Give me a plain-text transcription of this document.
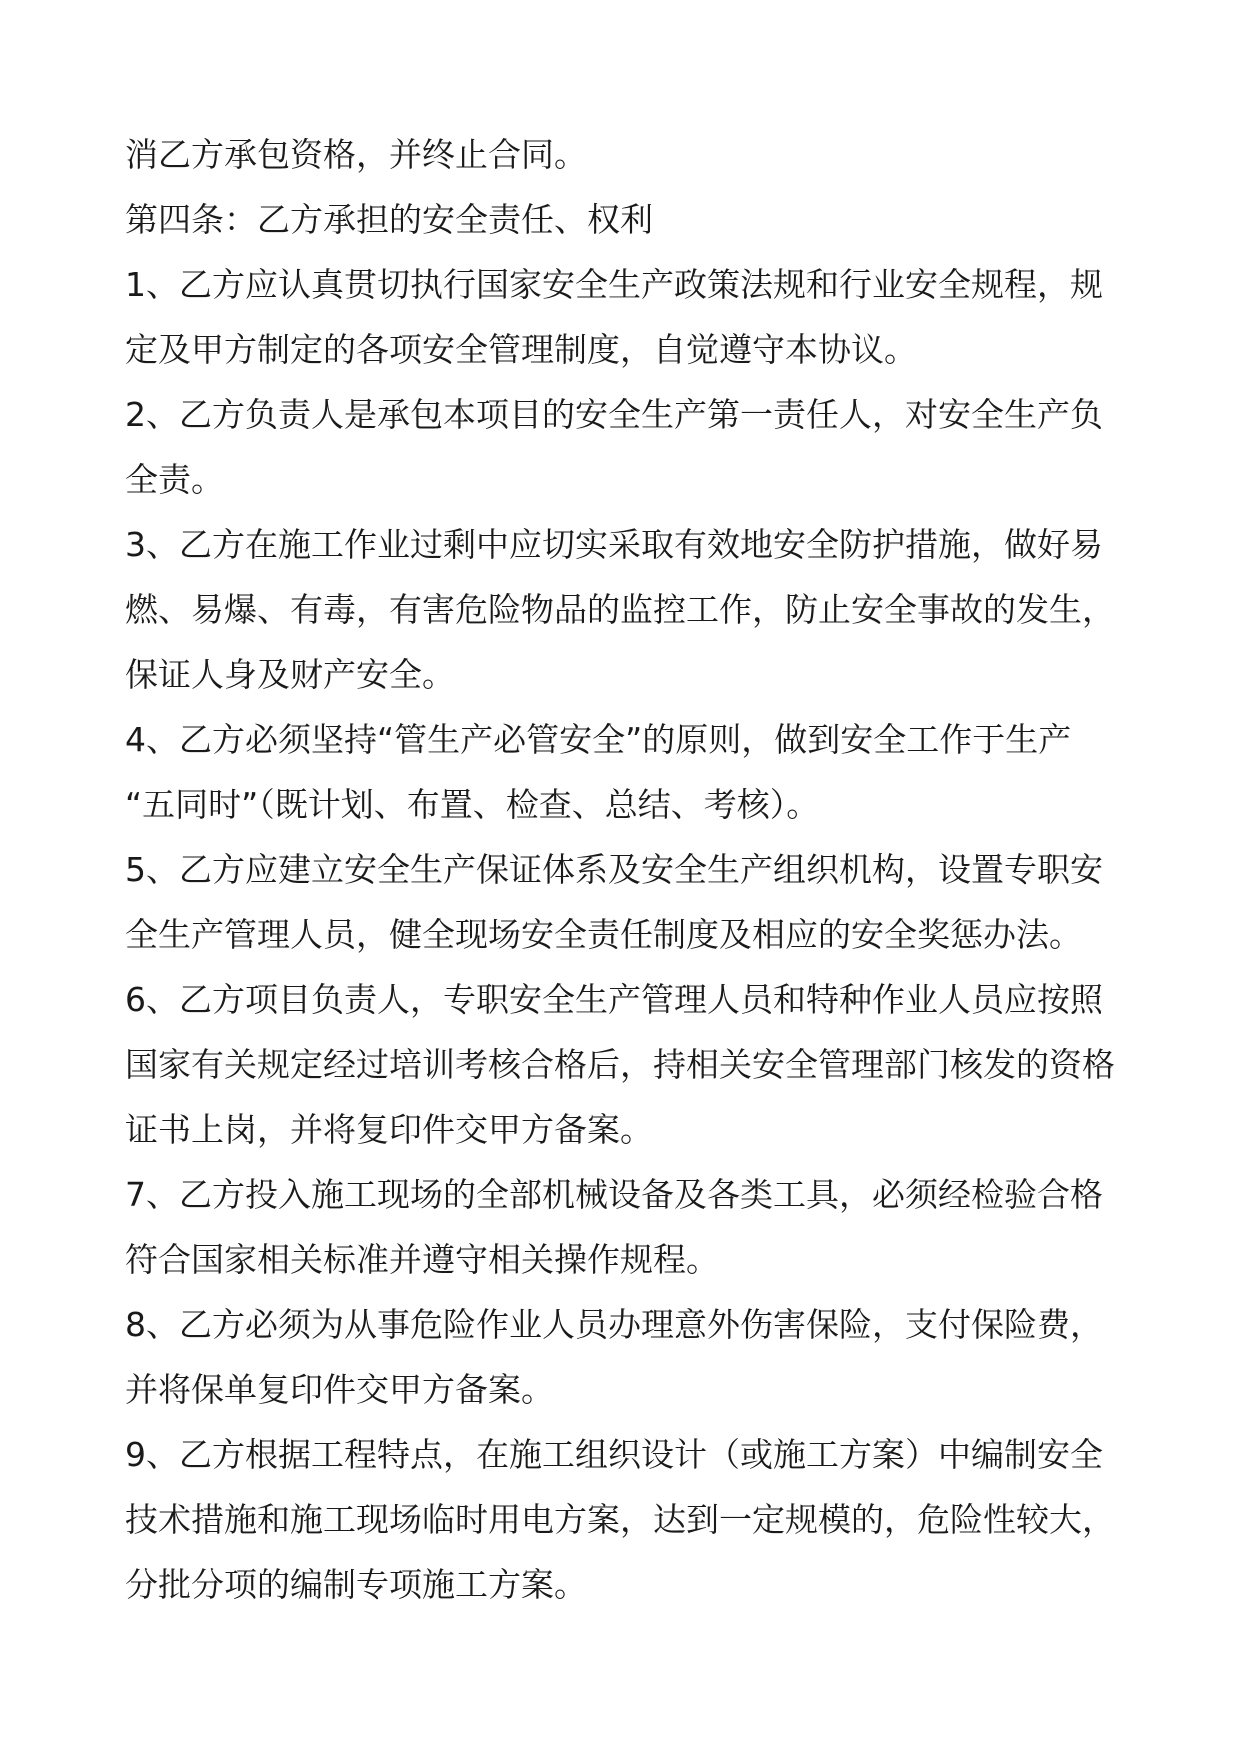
消乙方承包资格，并终止合同。
第四条：乙方承担的安全责任、权利
1、乙方应认真贯切执行国家安全生产政策法规和行业安全规程，规
定及甲方制定的各项安全管理制度，自觉遵守本协议。
2、乙方负责人是承包本项目的安全生产第一责任人，对安全生产负
全责。
3、乙方在施工作业过剩中应切实采取有效地安全防护措施，做好易
燃、易爆、有毒，有害危险物品的监控工作，防止安全事故的发生，
保证人身及财产安全。
4、乙方必须坚持“管生产必管安全”的原则，做到安全工作于生产
“五同时”（既计划、布置、检查、总结、考核）。
5、乙方应建立安全生产保证体系及安全生产组织机构，设置专职安
全生产管理人员，健全现场安全责任制度及相应的安全奖惩办法。
6、乙方项目负责人，专职安全生产管理人员和特种作业人员应按照
国家有关规定经过培训考核合格后，持相关安全管理部门核发的资格
证书上岗，并将复印件交甲方备案。
7、乙方投入施工现场的全部机械设备及各类工具，必须经检验合格
符合国家相关标准并遵守相关操作规程。
8、乙方必须为从事危险作业人员办理意外伤害保险，支付保险费，
并将保单复印件交甲方备案。
9、乙方根据工程特点，在施工组织设计（或施工方案）中编制安全
技术措施和施工现场临时用电方案，达到一定规模的，危险性较大，
分批分项的编制专项施工方案。
